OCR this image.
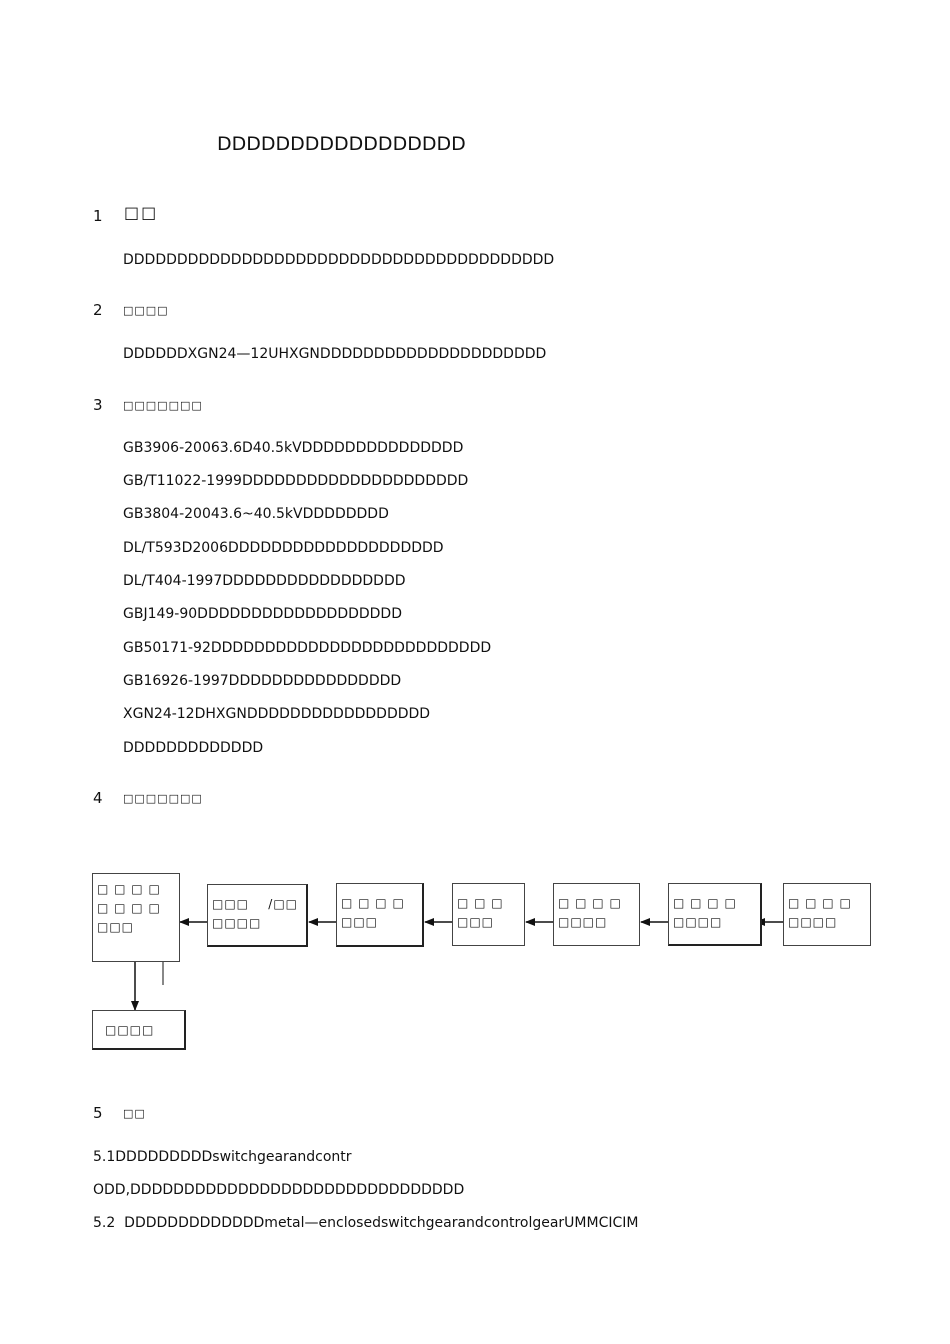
DDDDDDDDDDDDDDDDD
1 □□
DDDDDDDDDDDDDDDDDDDDDDDDDDDDDDDDDDDDDDDD
2 □□□□
DDDDDDXGN24—12UHXGNDDDDDDDDDDDDDDDDDDDDD
3 □□□□□□□
GB3906-20063.6D40.5kVDDDDDDDDDDDDDDD
GB/T11022-1999DDDDDDDDDDDDDDDDDDDDD
GB3804-20043.6~40.5kVDDDDDDDD
DL/T593D2006DDDDDDDDDDDDDDDDDDDD
DL/T404-1997DDDDDDDDDDDDDDDDD
GBJ149-90DDDDDDDDDDDDDDDDDDD
GB50171-92DDDDDDDDDDDDDDDDDDDDDDDDDD
GB16926-1997DDDDDDDDDDDDDDDD
XGN24-12DHXGNDDDDDDDDDDDDDDDDD
DDDDDDDDDDDDD
4 □□□□□□□
□ □ □ □
□ □ □ □
□□□
□□□    /□□
□□□□
□ □ □ □
□□□
□ □ □
□□□
□ □ □ □
□□□□
□ □ □ □
□□□□
□ □ □ □
□□□□
□□□□
5 □□
5.1DDDDDDDDDswitchgearandcontr
ODD,DDDDDDDDDDDDDDDDDDDDDDDDDDDDDDD
5.2  DDDDDDDDDDDDDmetal—enclosedswitchgearandcontrolgearUMMCICIM
